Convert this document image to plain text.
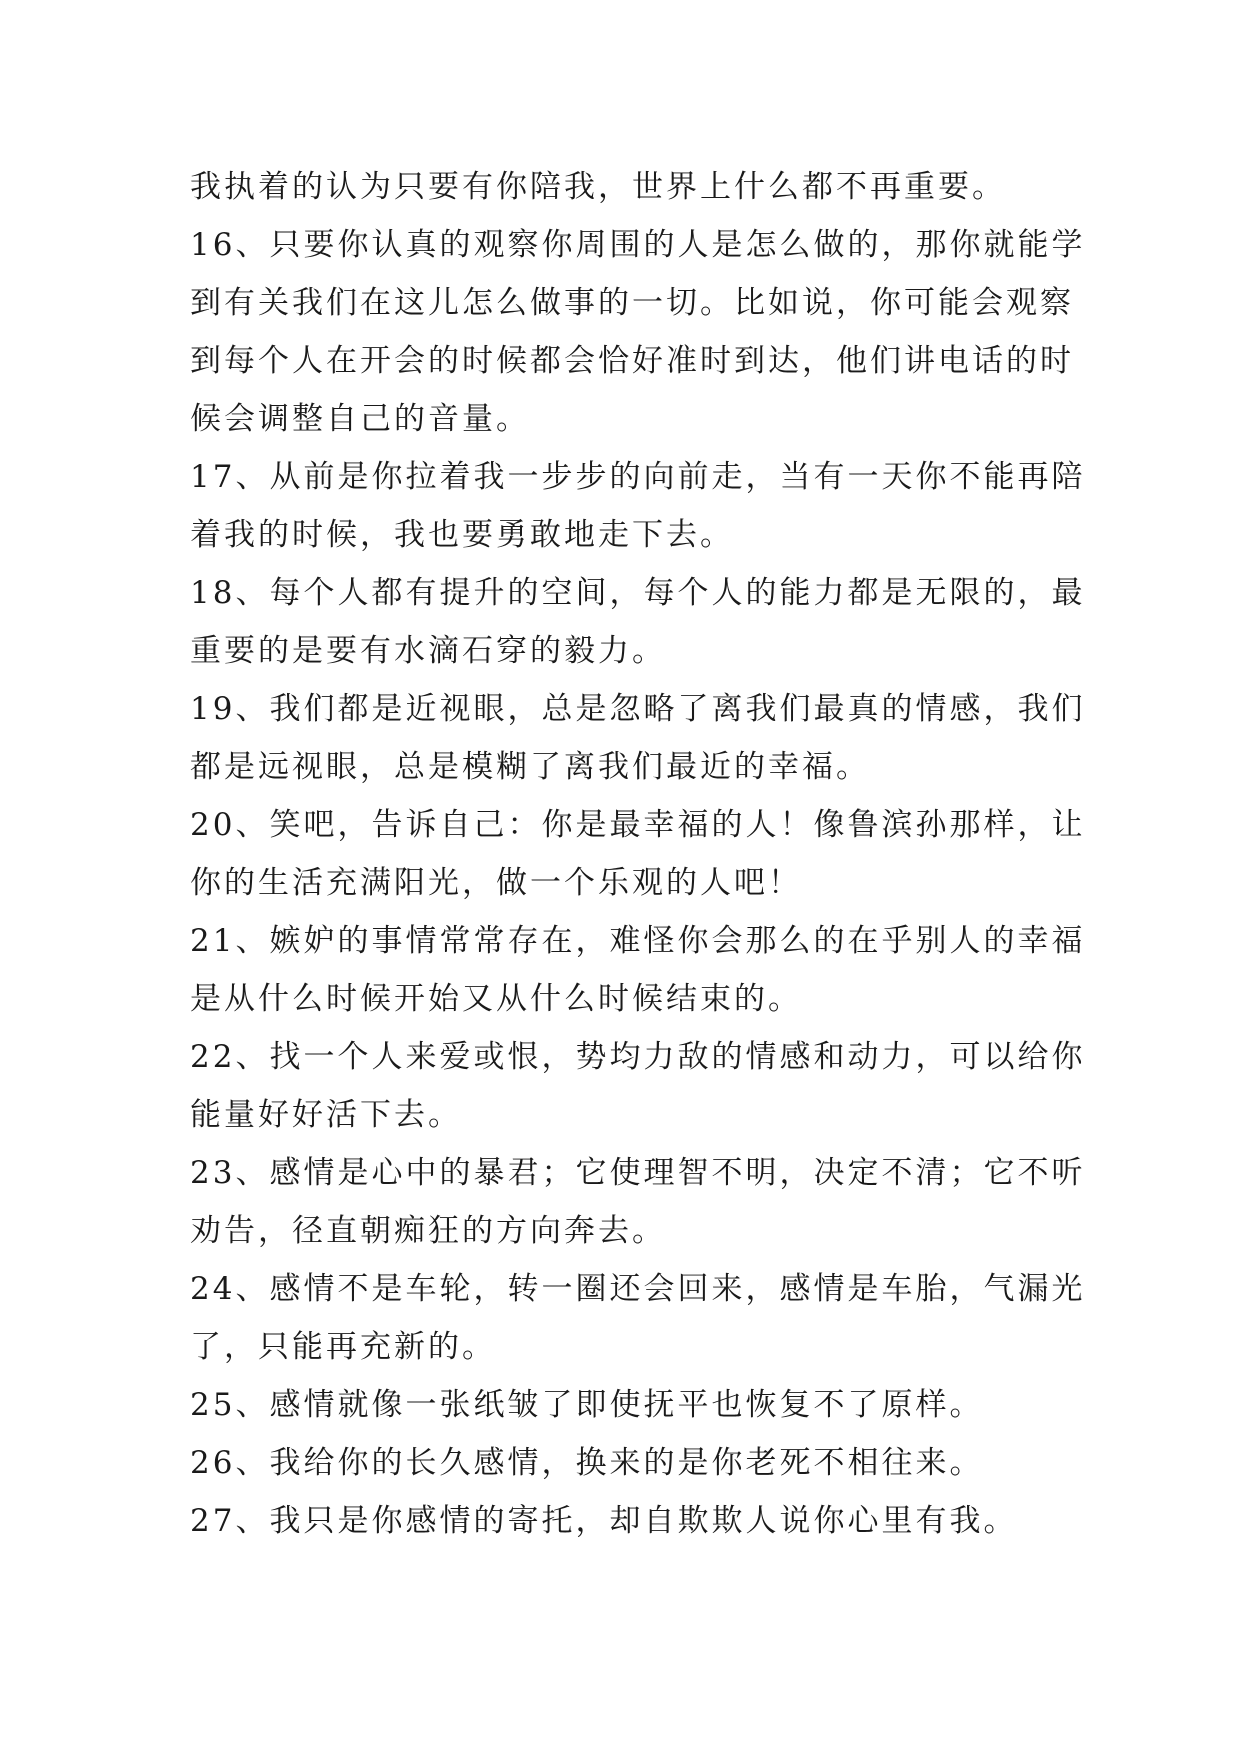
我执着的认为只要有你陪我，世界上什么都不再重要。
16、只要你认真的观察你周围的人是怎么做的，那你就能学
到有关我们在这儿怎么做事的一切。比如说，你可能会观察
到每个人在开会的时候都会恰好准时到达，他们讲电话的时
候会调整自己的音量。
17、从前是你拉着我一步步的向前走，当有一天你不能再陪
着我的时候，我也要勇敢地走下去。
18、每个人都有提升的空间，每个人的能力都是无限的，最
重要的是要有水滴石穿的毅力。
19、我们都是近视眼，总是忽略了离我们最真的情感，我们
都是远视眼，总是模糊了离我们最近的幸福。
20、笑吧，告诉自己：你是最幸福的人！像鲁滨孙那样，让
你的生活充满阳光，做一个乐观的人吧！
21、嫉妒的事情常常存在，难怪你会那么的在乎别人的幸福
是从什么时候开始又从什么时候结束的。
22、找一个人来爱或恨，势均力敌的情感和动力，可以给你
能量好好活下去。
23、感情是心中的暴君；它使理智不明，决定不清；它不听
劝告，径直朝痴狂的方向奔去。
24、感情不是车轮，转一圈还会回来，感情是车胎，气漏光
了，只能再充新的。
25、感情就像一张纸皱了即使抚平也恢复不了原样。
26、我给你的长久感情，换来的是你老死不相往来。
27、我只是你感情的寄托，却自欺欺人说你心里有我。
